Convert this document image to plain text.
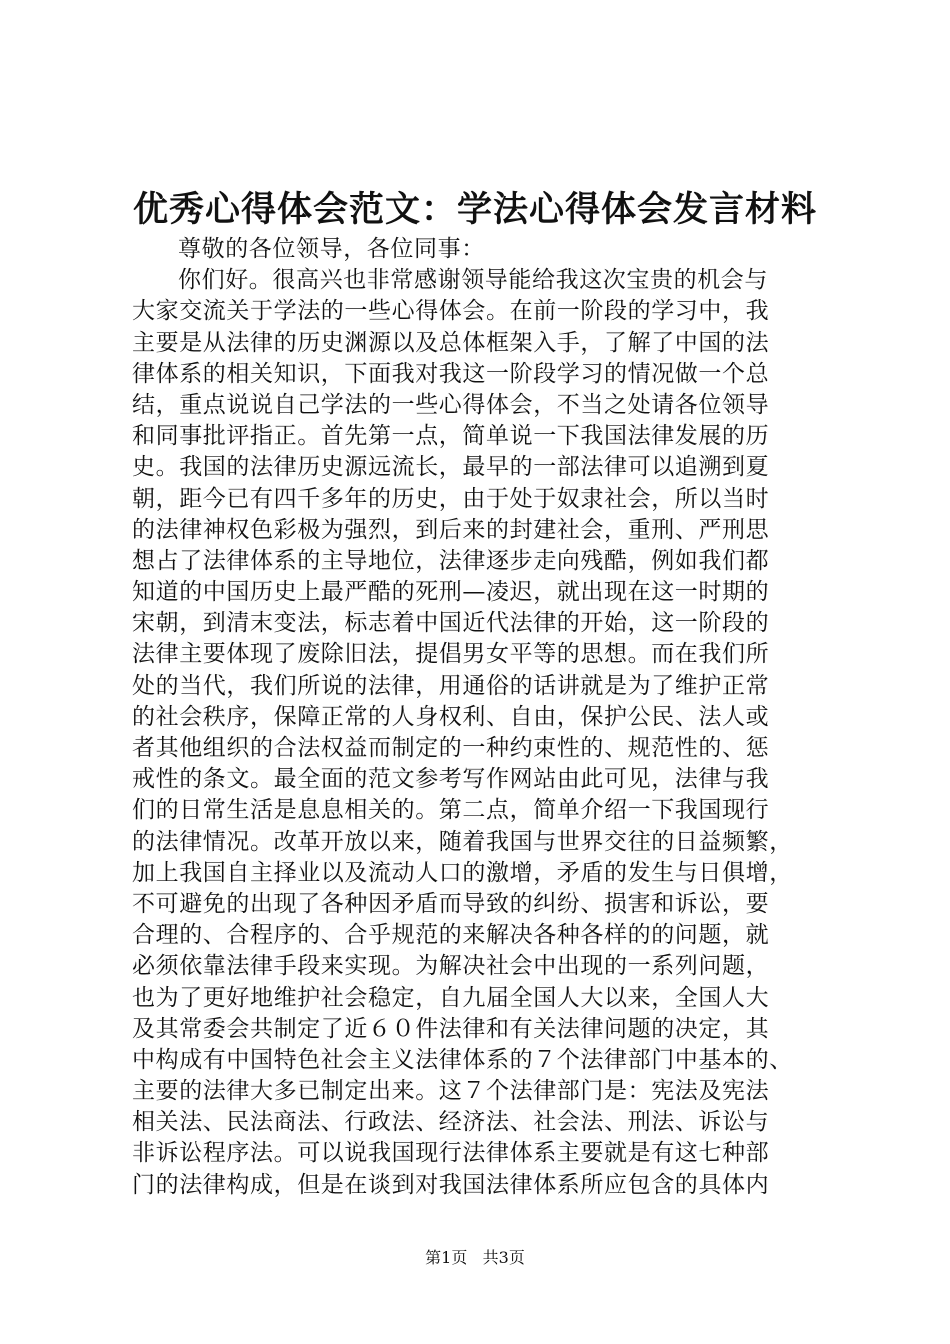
优秀心得体会范文：学法心得体会发言材料
尊敬的各位领导，各位同事：
你们好。很高兴也非常感谢领导能给我这次宝贵的机会与
大家交流关于学法的一些心得体会。在前一阶段的学习中，我
主要是从法律的历史渊源以及总体框架入手，了解了中国的法
律体系的相关知识，下面我对我这一阶段学习的情况做一个总
结，重点说说自己学法的一些心得体会，不当之处请各位领导
和同事批评指正。首先第一点，简单说一下我国法律发展的历
史。我国的法律历史源远流长，最早的一部法律可以追溯到夏
朝，距今已有四千多年的历史，由于处于奴隶社会，所以当时
的法律神权色彩极为强烈，到后来的封建社会，重刑、严刑思
想占了法律体系的主导地位，法律逐步走向残酷，例如我们都
知道的中国历史上最严酷的死刑—凌迟，就出现在这一时期的
宋朝，到清末变法，标志着中国近代法律的开始，这一阶段的
法律主要体现了废除旧法，提倡男女平等的思想。而在我们所
处的当代，我们所说的法律，用通俗的话讲就是为了维护正常
的社会秩序，保障正常的人身权利、自由，保护公民、法人或
者其他组织的合法权益而制定的一种约束性的、规范性的、惩
戒性的条文。最全面的范文参考写作网站由此可见，法律与我
们的日常生活是息息相关的。第二点，简单介绍一下我国现行
的法律情况。改革开放以来，随着我国与世界交往的日益频繁，
加上我国自主择业以及流动人口的激增，矛盾的发生与日俱增，
不可避免的出现了各种因矛盾而导致的纠纷、损害和诉讼，要
合理的、合程序的、合乎规范的来解决各种各样的的问题，就
必须依靠法律手段来实现。为解决社会中出现的一系列问题，
也为了更好地维护社会稳定，自九届全国人大以来，全国人大
及其常委会共制定了近６０件法律和有关法律问题的决定，其
中构成有中国特色社会主义法律体系的７个法律部门中基本的、
主要的法律大多已制定出来。这７个法律部门是：宪法及宪法
相关法、民法商法、行政法、经济法、社会法、刑法、诉讼与
非诉讼程序法。可以说我国现行法律体系主要就是有这七种部
门的法律构成，但是在谈到对我国法律体系所应包含的具体内
第1页 共3页
